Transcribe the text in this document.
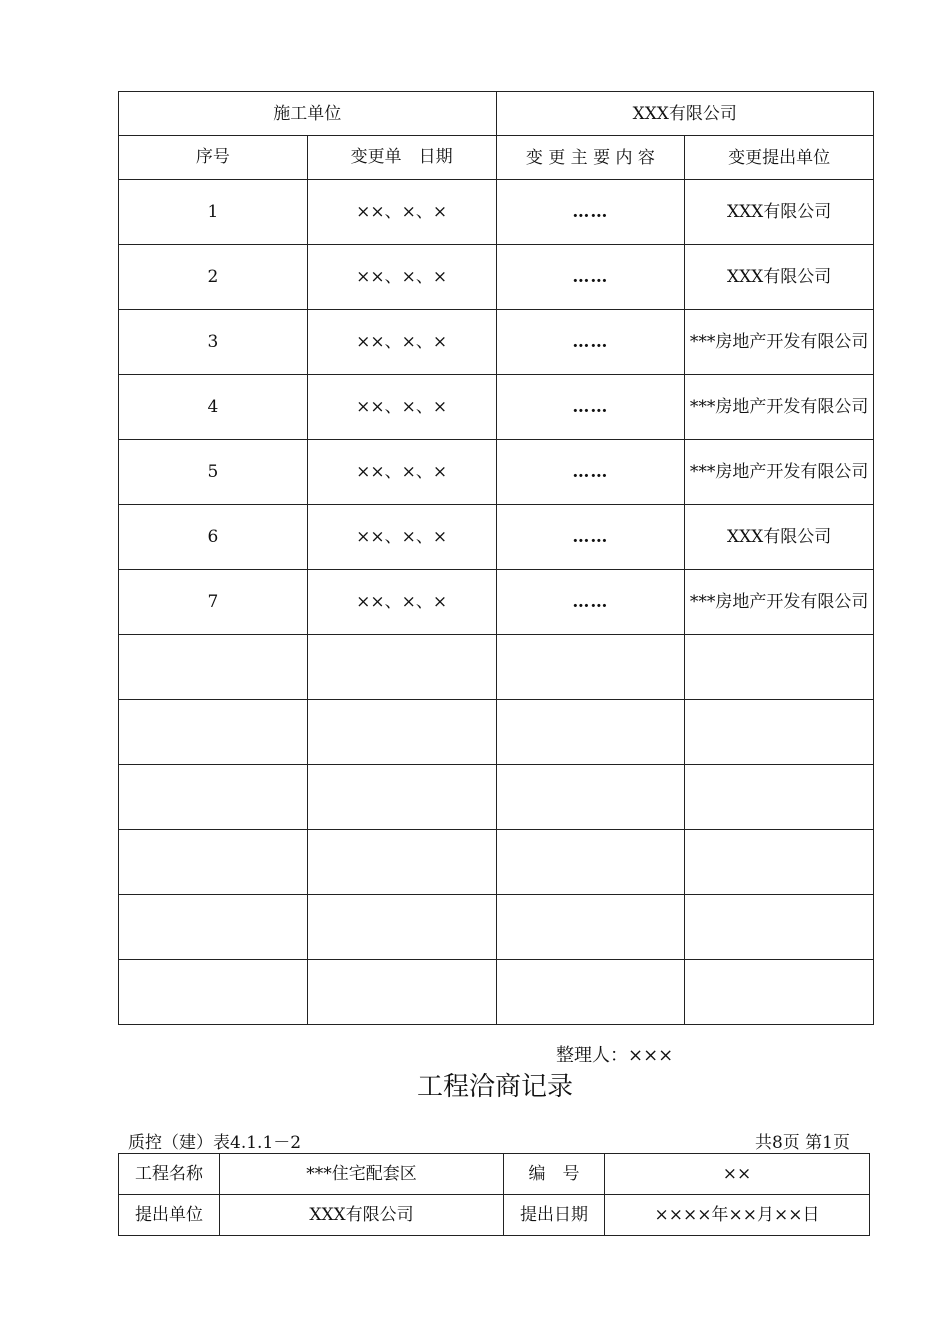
施工单位		XXX有限公司	
序号	变更单　日期	变 更 主 要 内 容	变更提出单位
1	××、×、×	……	XXX有限公司
2	××、×、×	……	XXX有限公司
3	××、×、×	……	***房地产开发有限公司
4	××、×、×	……	***房地产开发有限公司
5	××、×、×	……	***房地产开发有限公司
6	××、×、×	……	XXX有限公司
7	××、×、×	……	***房地产开发有限公司

整理人：×××
工程洽商记录
质控（建）表4.1.1－2	共8页 第1页
工程名称	***住宅配套区	编　号	××
提出单位	XXX有限公司	提出日期	××××年××月××日
